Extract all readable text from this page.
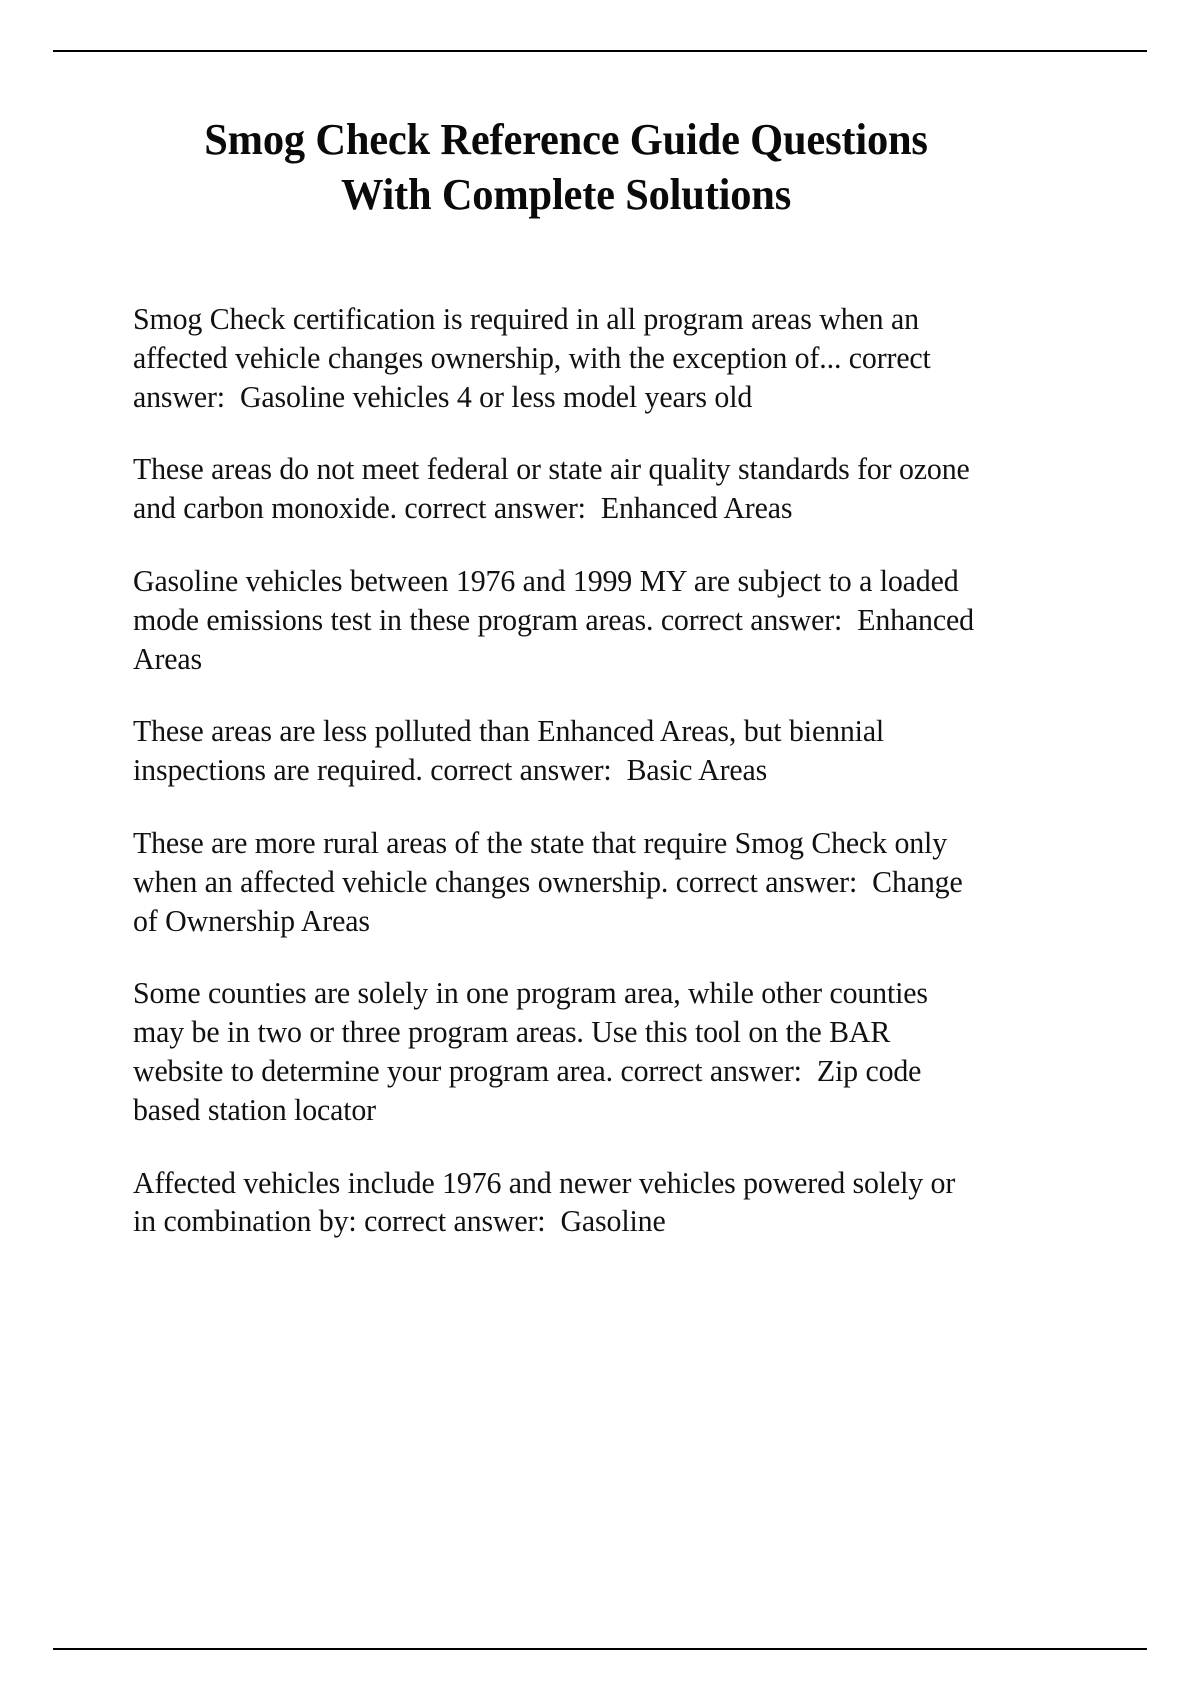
Smog Check Reference Guide Questions
With Complete Solutions

Smog Check certification is required in all program areas when an affected vehicle changes ownership, with the exception of... correct answer:  Gasoline vehicles 4 or less model years old

These areas do not meet federal or state air quality standards for ozone and carbon monoxide. correct answer:  Enhanced Areas

Gasoline vehicles between 1976 and 1999 MY are subject to a loaded mode emissions test in these program areas. correct answer:  Enhanced Areas

These areas are less polluted than Enhanced Areas, but biennial inspections are required. correct answer:  Basic Areas

These are more rural areas of the state that require Smog Check only when an affected vehicle changes ownership. correct answer:  Change of Ownership Areas

Some counties are solely in one program area, while other counties may be in two or three program areas. Use this tool on the BAR website to determine your program area. correct answer:  Zip code based station locator

Affected vehicles include 1976 and newer vehicles powered solely or in combination by: correct answer:  Gasoline
